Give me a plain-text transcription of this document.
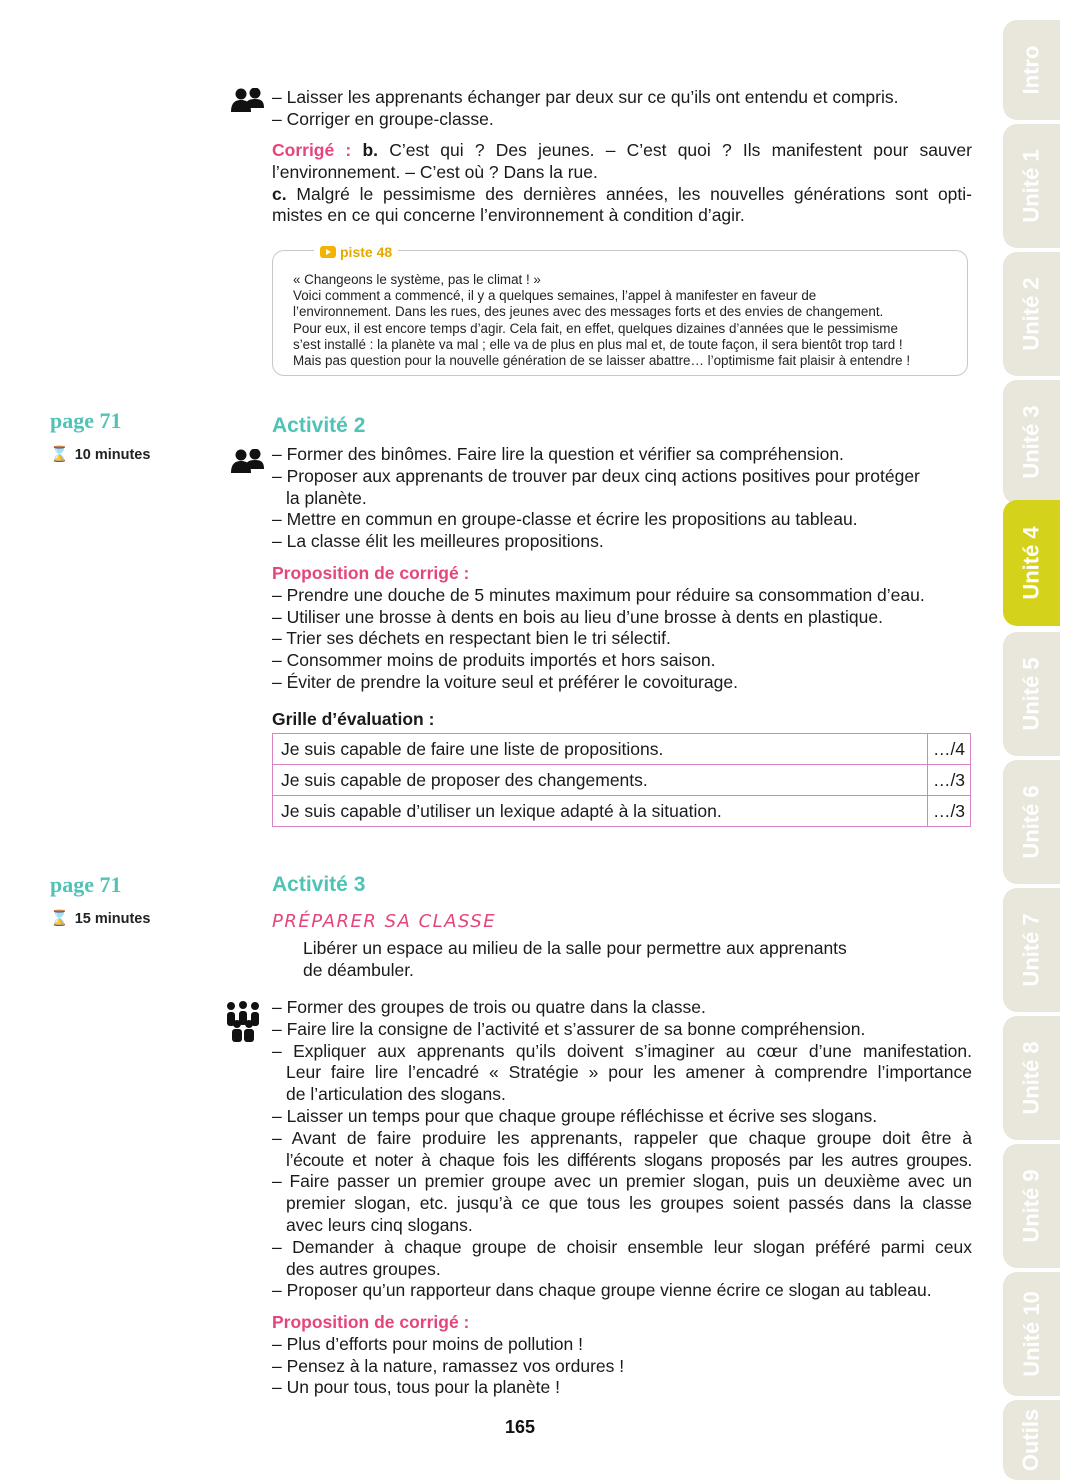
Intro
Unité 1
Unité 2
Unité 3
Unité 4
Unité 5
Unité 6
Unité 7
Unité 8
Unité 9
Unité 10
Outils
– Laisser les apprenants échanger par deux sur ce qu’ils ont entendu et compris.
– Corriger en groupe-classe.
Corrigé : b. C’est qui ? Des jeunes. – C’est quoi ? Ils manifestent pour sauver
l’environnement. – C’est où ? Dans la rue.
c. Malgré le pessimisme des dernières années, les nouvelles générations sont opti-
mistes en ce qui concerne l’environnement à condition d’agir.
piste 48
« Changeons le système, pas le climat ! »
Voici comment a commencé, il y a quelques semaines, l’appel à manifester en faveur de
l’environnement. Dans les rues, des jeunes avec des messages forts et des envies de changement.
Pour eux, il est encore temps d’agir. Cela fait, en effet, quelques dizaines d’années que le pessimisme
s’est installé : la planète va mal ; elle va de plus en plus mal et, de toute façon, il sera bientôt trop tard !
Mais pas question pour la nouvelle génération de se laisser abattre… l’optimisme fait plaisir à entendre !
page 71
⌛ 10 minutes
Activité 2
– Former des binômes. Faire lire la question et vérifier sa compréhension.
– Proposer aux apprenants de trouver par deux cinq actions positives pour protéger
la planète.
– Mettre en commun en groupe-classe et écrire les propositions au tableau.
– La classe élit les meilleures propositions.
Proposition de corrigé :
– Prendre une douche de 5 minutes maximum pour réduire sa consommation d’eau.
– Utiliser une brosse à dents en bois au lieu d’une brosse à dents en plastique.
– Trier ses déchets en respectant bien le tri sélectif.
– Consommer moins de produits importés et hors saison.
– Éviter de prendre la voiture seul et préférer le covoiturage.
Grille d’évaluation :
Je suis capable de faire une liste de propositions.	…/4
Je suis capable de proposer des changements.	…/3
Je suis capable d’utiliser un lexique adapté à la situation.	…/3
page 71
⌛ 15 minutes
Activité 3
PRÉPARER SA CLASSE
Libérer un espace au milieu de la salle pour permettre aux apprenants
de déambuler.
– Former des groupes de trois ou quatre dans la classe.
– Faire lire la consigne de l’activité et s’assurer de sa bonne compréhension.
– Expliquer aux apprenants qu’ils doivent s’imaginer au cœur d’une manifestation.
Leur faire lire l’encadré « Stratégie » pour les amener à comprendre l’importance
de l’articulation des slogans.
– Laisser un temps pour que chaque groupe réfléchisse et écrive ses slogans.
– Avant de faire produire les apprenants, rappeler que chaque groupe doit être à
l’écoute et noter à chaque fois les différents slogans proposés par les autres groupes.
– Faire passer un premier groupe avec un premier slogan, puis un deuxième avec un
premier slogan, etc. jusqu’à ce que tous les groupes soient passés dans la classe
avec leurs cinq slogans.
– Demander à chaque groupe de choisir ensemble leur slogan préféré parmi ceux
des autres groupes.
– Proposer qu’un rapporteur dans chaque groupe vienne écrire ce slogan au tableau.
Proposition de corrigé :
– Plus d’efforts pour moins de pollution !
– Pensez à la nature, ramassez vos ordures !
– Un pour tous, tous pour la planète !
165
